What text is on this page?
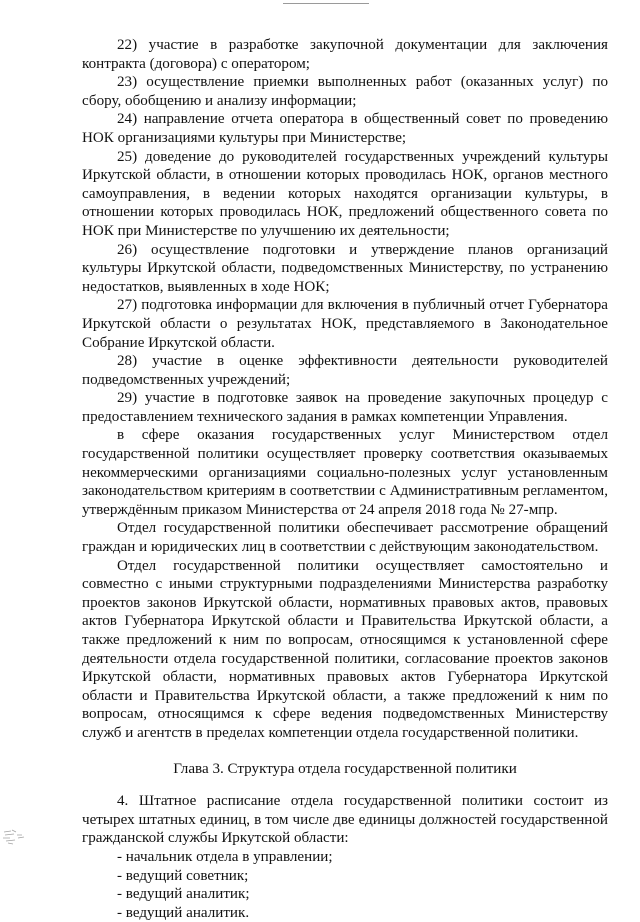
22) участие в разработке закупочной документации для заключения контракта (договора) с оператором;

23) осуществление приемки выполненных работ (оказанных услуг) по сбору, обобщению и анализу информации;

24) направление отчета оператора в общественный совет по проведению НОК организациями культуры при Министерстве;

25) доведение до руководителей государственных учреждений культуры Иркутской области, в отношении которых проводилась НОК, органов местного самоуправления, в ведении которых находятся организации культуры, в отношении которых проводилась НОК, предложений общественного совета по НОК при Министерстве по улучшению их деятельности;

26) осуществление подготовки и утверждение планов организаций культуры Иркутской области, подведомственных Министерству, по устранению недостатков, выявленных в ходе НОК;

27) подготовка информации для включения в публичный отчет Губернатора Иркутской области о результатах НОК, представляемого в Законодательное Собрание Иркутской области.

28) участие в оценке эффективности деятельности руководителей подведомственных учреждений;

29) участие в подготовке заявок на проведение закупочных процедур с предоставлением технического задания в рамках компетенции Управления.

в сфере оказания государственных услуг Министерством отдел государственной политики осуществляет проверку соответствия оказываемых некоммерческими организациями социально-полезных услуг установленным законодательством критериям в соответствии с Административным регламентом, утверждённым приказом Министерства от 24 апреля 2018 года № 27-мпр.

Отдел государственной политики обеспечивает рассмотрение обращений граждан и юридических лиц в соответствии с действующим законодательством.

Отдел государственной политики осуществляет самостоятельно и совместно с иными структурными подразделениями Министерства разработку проектов законов Иркутской области, нормативных правовых актов, правовых актов Губернатора Иркутской области и Правительства Иркутской области, а также предложений к ним по вопросам, относящимся к установленной сфере деятельности отдела государственной политики, согласование проектов законов Иркутской области, нормативных правовых актов Губернатора Иркутской области и Правительства Иркутской области, а также предложений к ним по вопросам, относящимся к сфере ведения подведомственных Министерству служб и агентств в пределах компетенции отдела государственной политики.

Глава 3. Структура отдела государственной политики

4. Штатное расписание отдела государственной политики состоит из четырех штатных единиц, в том числе две единицы должностей государственной гражданской службы Иркутской области:

- начальник отдела в управлении;

- ведущий советник;

- ведущий аналитик;

- ведущий аналитик.
